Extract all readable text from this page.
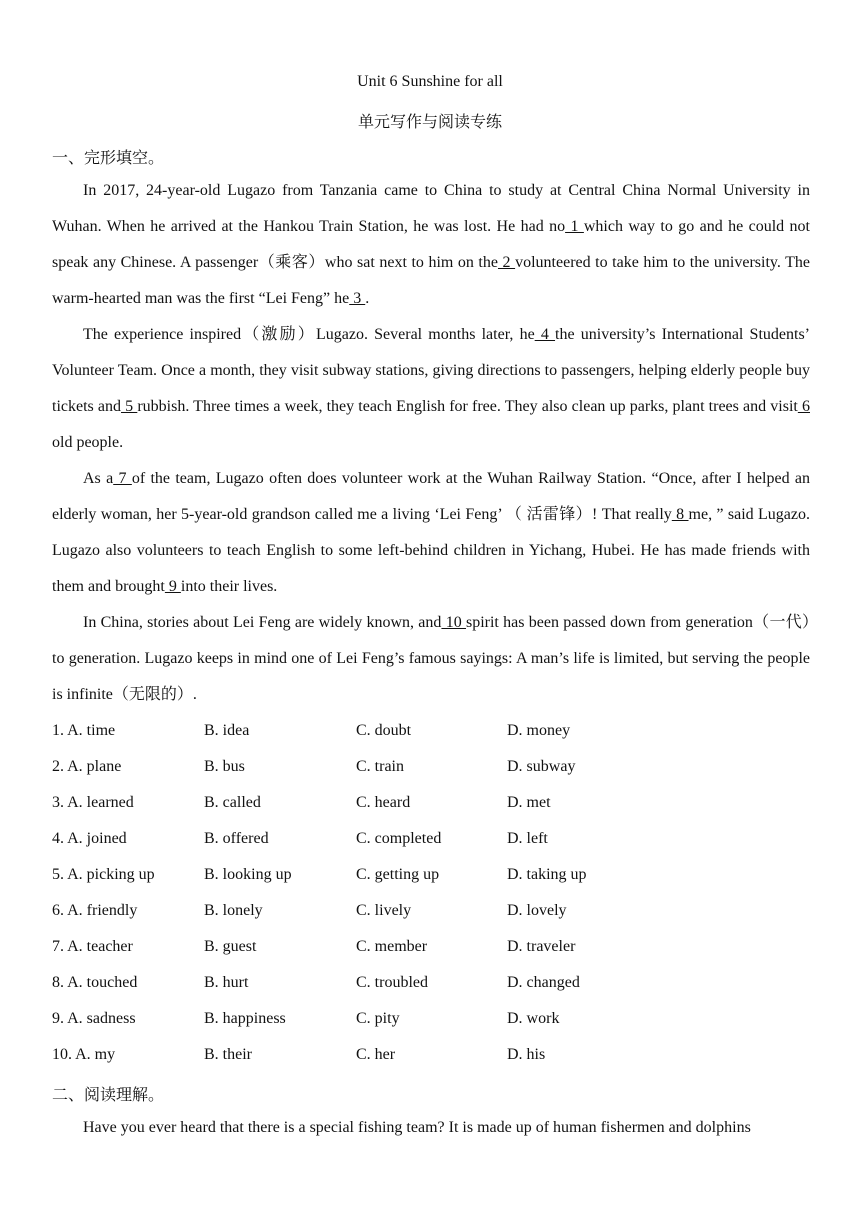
Unit 6 Sunshine for all
单元写作与阅读专练
一、完形填空。
In 2017, 24-year-old Lugazo from Tanzania came to China to study at Central China Normal University in Wuhan. When he arrived at the Hankou Train Station, he was lost. He had no 1 which way to go and he could not speak any Chinese. A passenger（乘客）who sat next to him on the 2 volunteered to take him to the university. The warm-hearted man was the first “Lei Feng” he 3 .
The experience inspired（激励）Lugazo. Several months later, he 4 the university’s International Students’ Volunteer Team. Once a month, they visit subway stations, giving directions to passengers, helping elderly people buy tickets and 5 rubbish. Three times a week, they teach English for free. They also clean up parks, plant trees and visit 6 old people.
As a 7 of the team, Lugazo often does volunteer work at the Wuhan Railway Station. “Once, after I helped an elderly woman, her 5-year-old grandson called me a living ‘Lei Feng’ （ 活雷锋）! That really 8 me, ” said Lugazo. Lugazo also volunteers to teach English to some left-behind children in Yichang, Hubei. He has made friends with them and brought 9 into their lives.
In China, stories about Lei Feng are widely known, and 10 spirit has been passed down from generation（一代）to generation. Lugazo keeps in mind one of Lei Feng’s famous sayings: A man’s life is limited, but serving the people is infinite（无限的）.
1. A. time	B. idea	C. doubt	D. money
2. A. plane	B. bus	C. train	D. subway
3. A. learned	B. called	C. heard	D. met
4. A. joined	B. offered	C. completed	D. left
5. A. picking up	B. looking up	C. getting up	D. taking up
6. A. friendly	B. lonely	C. lively	D. lovely
7. A. teacher	B. guest	C. member	D. traveler
8. A. touched	B. hurt	C. troubled	D. changed
9. A. sadness	B. happiness	C. pity	D. work
10. A. my	B. their	C. her	D. his
二、阅读理解。
Have you ever heard that there is a special fishing team? It is made up of human fishermen and dolphins
